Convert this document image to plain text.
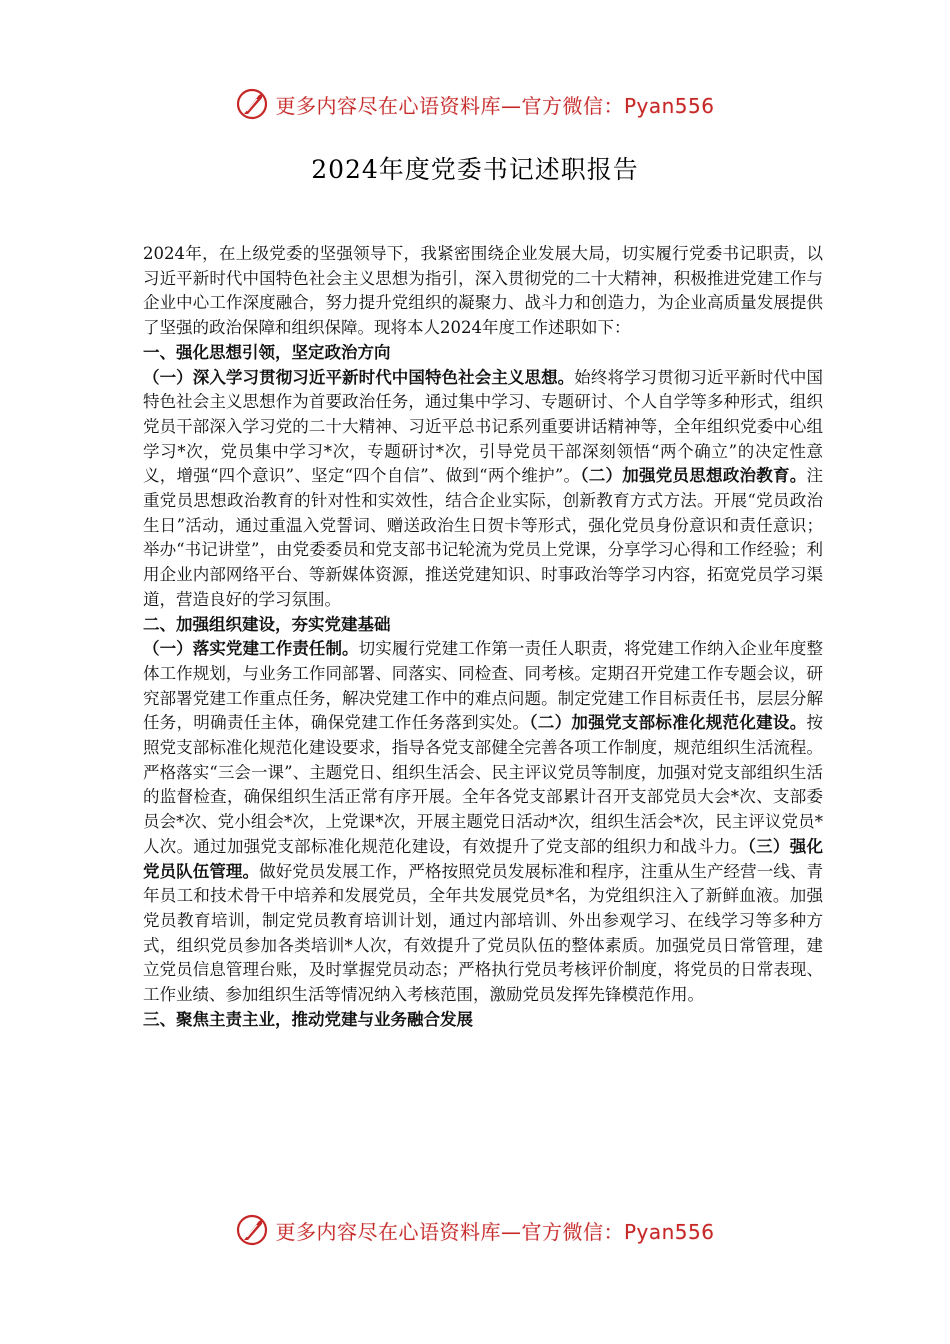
更多内容尽在心语资料库—官方微信：Pyan556
2024年度党委书记述职报告

2024年，在上级党委的坚强领导下，我紧密围绕企业发展大局，切实履行党委书记职责，以习近平新时代中国特色社会主义思想为指引，深入贯彻党的二十大精神，积极推进党建工作与企业中心工作深度融合，努力提升党组织的凝聚力、战斗力和创造力，为企业高质量发展提供了坚强的政治保障和组织保障。现将本人2024年度工作述职如下：

一、强化思想引领，坚定政治方向

（一）深入学习贯彻习近平新时代中国特色社会主义思想。始终将学习贯彻习近平新时代中国特色社会主义思想作为首要政治任务，通过集中学习、专题研讨、个人自学等多种形式，组织党员干部深入学习党的二十大精神、习近平总书记系列重要讲话精神等，全年组织党委中心组学习*次，党员集中学习*次，专题研讨*次，引导党员干部深刻领悟“两个确立”的决定性意义，增强“四个意识”、坚定“四个自信”、做到“两个维护”。（二）加强党员思想政治教育。注重党员思想政治教育的针对性和实效性，结合企业实际，创新教育方式方法。开展“党员政治生日”活动，通过重温入党誓词、赠送政治生日贺卡等形式，强化党员身份意识和责任意识；举办“书记讲堂”，由党委委员和党支部书记轮流为党员上党课，分享学习心得和工作经验；利用企业内部网络平台、等新媒体资源，推送党建知识、时事政治等学习内容，拓宽党员学习渠道，营造良好的学习氛围。

二、加强组织建设，夯实党建基础

（一）落实党建工作责任制。切实履行党建工作第一责任人职责，将党建工作纳入企业年度整体工作规划，与业务工作同部署、同落实、同检查、同考核。定期召开党建工作专题会议，研究部署党建工作重点任务，解决党建工作中的难点问题。制定党建工作目标责任书，层层分解任务，明确责任主体，确保党建工作任务落到实处。（二）加强党支部标准化规范化建设。按照党支部标准化规范化建设要求，指导各党支部健全完善各项工作制度，规范组织生活流程。严格落实“三会一课”、主题党日、组织生活会、民主评议党员等制度，加强对党支部组织生活的监督检查，确保组织生活正常有序开展。全年各党支部累计召开支部党员大会*次、支部委员会*次、党小组会*次，上党课*次，开展主题党日活动*次，组织生活会*次，民主评议党员*人次。通过加强党支部标准化规范化建设，有效提升了党支部的组织力和战斗力。（三）强化党员队伍管理。做好党员发展工作，严格按照党员发展标准和程序，注重从生产经营一线、青年员工和技术骨干中培养和发展党员，全年共发展党员*名，为党组织注入了新鲜血液。加强党员教育培训，制定党员教育培训计划，通过内部培训、外出参观学习、在线学习等多种方式，组织党员参加各类培训*人次，有效提升了党员队伍的整体素质。加强党员日常管理，建立党员信息管理台账，及时掌握党员动态；严格执行党员考核评价制度，将党员的日常表现、工作业绩、参加组织生活等情况纳入考核范围，激励党员发挥先锋模范作用。

三、聚焦主责主业，推动党建与业务融合发展

更多内容尽在心语资料库—官方微信：Pyan556
